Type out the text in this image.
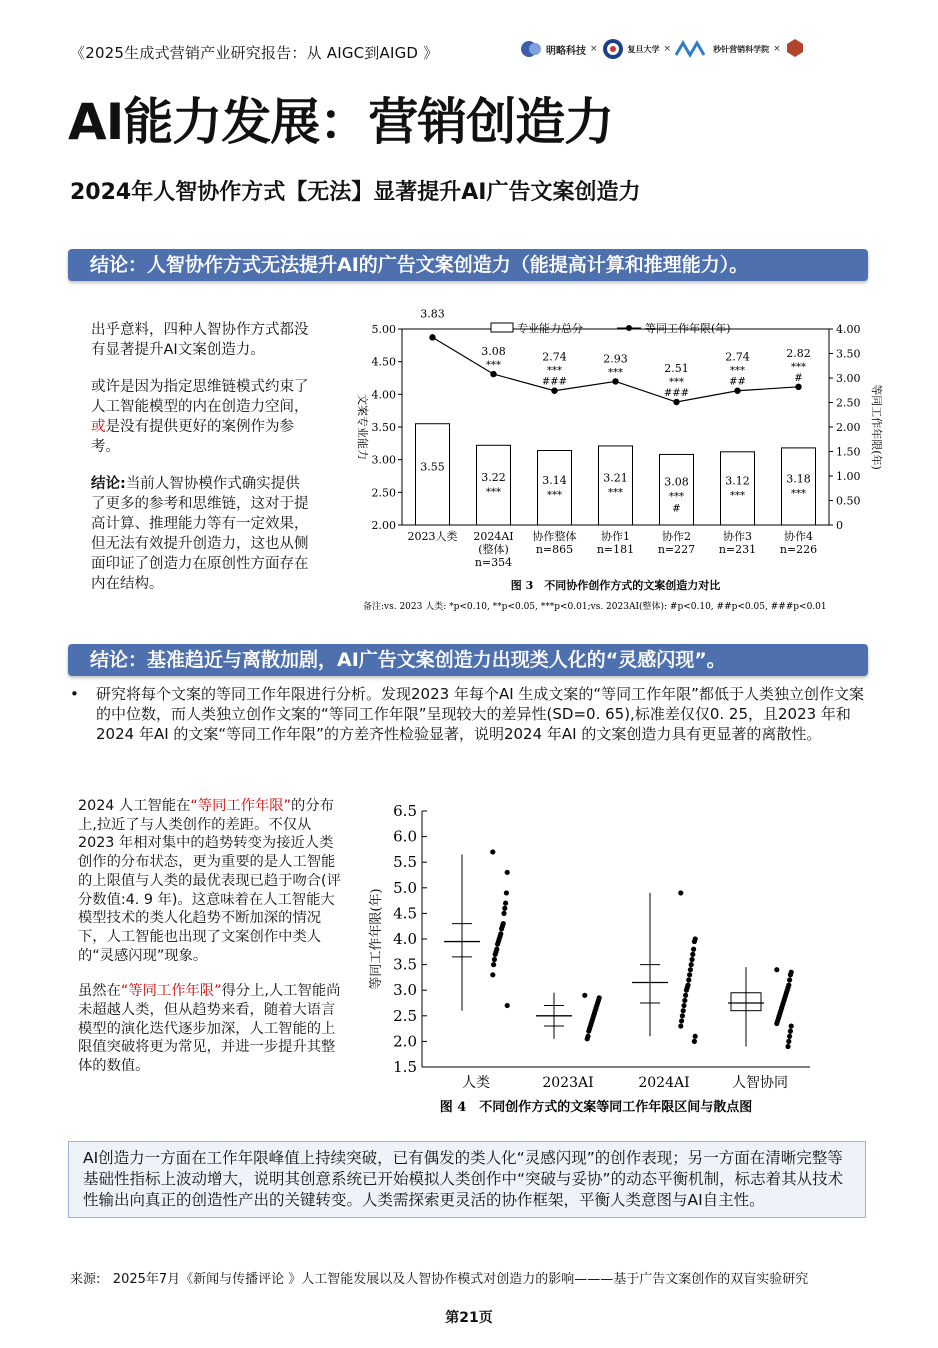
《2025生成式营销产业研究报告：从 AIGC到AIGD 》	明略科技 ×	复旦大学 ×	秒针营销科学院 ×
AI能力发展：营销创造力
2024年人智协作方式【无法】显著提升AI广告文案创造力
结论：人智协作方式无法提升AI的广告文案创造力（能提高计算和推理能力）。

出乎意料，四种人智协作方式都没有显著提升AI文案创造力。

或许是因为指定思维链模式约束了人工智能模型的内在创造力空间，或是没有提供更好的案例作为参考。

结论:当前人智协模作式确实提供了更多的参考和思维链，这对于提高计算、推理能力等有一定效果，但无法有效提升创造力，这也从侧面印证了创造力在原创性方面存在内在结构。

5.00
4.50
4.00
3.50
3.00
2.50
2.00
4.00
3.50
3.00
2.50
2.00
1.50
1.00
0.50
0
文案专业能力	等同工作年限(年)
专业能力总分	等同工作年限(年)
3.55
3.83
2023人类
3.22
***
3.08
***
2024AI
(整体)
n=354
3.14
***
2.74
***
###
协作整体
n=865
3.21
***
2.93
***
协作1
n=181
3.08
***
#
2.51
***
###
协作2
n=227
3.12
***
2.74
***
##
协作3
n=231
3.18
***
2.82
***
#
协作4
n=226
图 3　不同协作创作方式的文案创造力对比
备注:vs. 2023 人类: *p<0.10, **p<0.05, ***p<0.01;vs. 2023AI(整体): #p<0.10, ##p<0.05, ###p<0.01
结论：基准趋近与离散加剧，AI广告文案创造力出现类人化的“灵感闪现”。
• 研究将每个文案的等同工作年限进行分析。发现2023 年每个AI 生成文案的“等同工作年限”都低于人类独立创作文案的中位数，而人类独立创作文案的“等同工作年限”呈现较大的差异性(SD=0. 65),标准差仅仅0. 25，且2023 年和2024 年AI 的文案“等同工作年限”的方差齐性检验显著，说明2024 年AI 的文案创造力具有更显著的离散性。

2024 人工智能在“等同工作年限”的分布上,拉近了与人类创作的差距。不仅从2023 年相对集中的趋势转变为接近人类创作的分布状态，更为重要的是人工智能的上限值与人类的最优表现已趋于吻合(评分数值:4. 9 年)。这意味着在人工智能大模型技术的类人化趋势不断加深的情况下，人工智能也出现了文案创作中类人的“灵感闪现”现象。

虽然在“等同工作年限”得分上,人工智能尚未超越人类，但从趋势来看，随着大语言模型的演化迭代逐步加深，人工智能的上限值突破将更为常见，并进一步提升其整体的数值。

6.5
6.0
5.5
5.0
4.5
4.0
3.5
3.0
2.5
2.0
1.5
等同工作年限(年)
人类	2023AI	2024AI	人智协同
图 4　不同创作方式的文案等同工作年限区间与散点图
AI创造力一方面在工作年限峰值上持续突破，已有偶发的类人化“灵感闪现”的创作表现；另一方面在清晰完整等基础性指标上波动增大，说明其创意系统已开始模拟人类创作中“突破与妥协”的动态平衡机制，标志着其从技术性输出向真正的创造性产出的关键转变。人类需探索更灵活的协作框架，平衡人类意图与AI自主性。
来源: 2025年7月《新闻与传播评论 》人工智能发展以及人智协作模式对创造力的影响———基于广告文案创作的双盲实验研究
第21页
